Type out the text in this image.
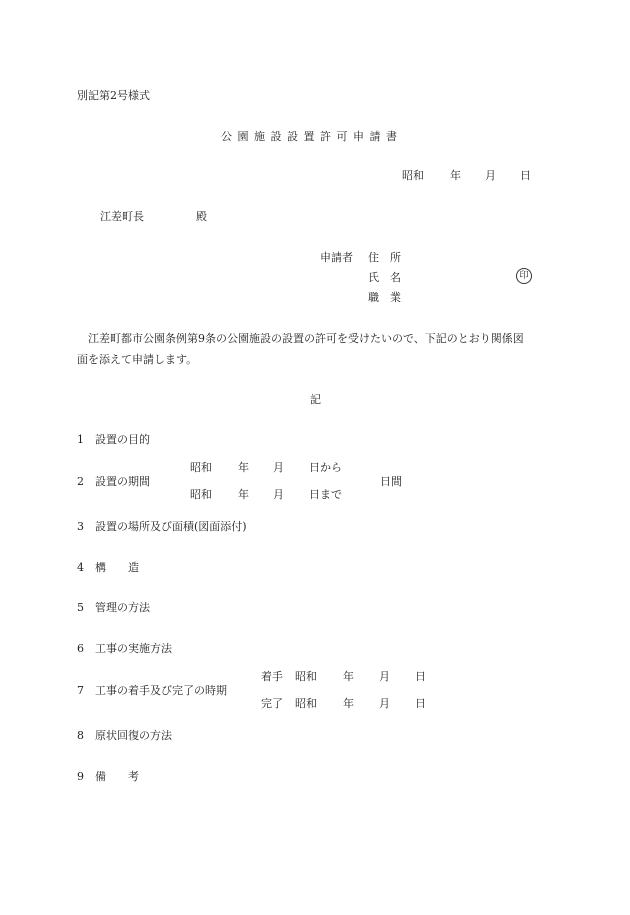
別記第2号様式
公 園 施 設 設 置 許 可 申 請 書
昭和 年 月 日
江差町長	殿
申請者 住　所
氏　名	印
職　業
江差町都市公園条例第9条の公園施設の設置の許可を受けたいので、下記のとおり関係図
面を添えて申請します。
記
1 設置の目的
2 設置の期間
昭和 年 月 日から
昭和 年 月 日まで
日間
3 設置の場所及び面積(図面添付)
4 構　　造
5 管理の方法
6 工事の実施方法
7 工事の着手及び完了の時期
着手 昭和 年 月 日
完了 昭和 年 月 日
8 原状回復の方法
9 備　　考
